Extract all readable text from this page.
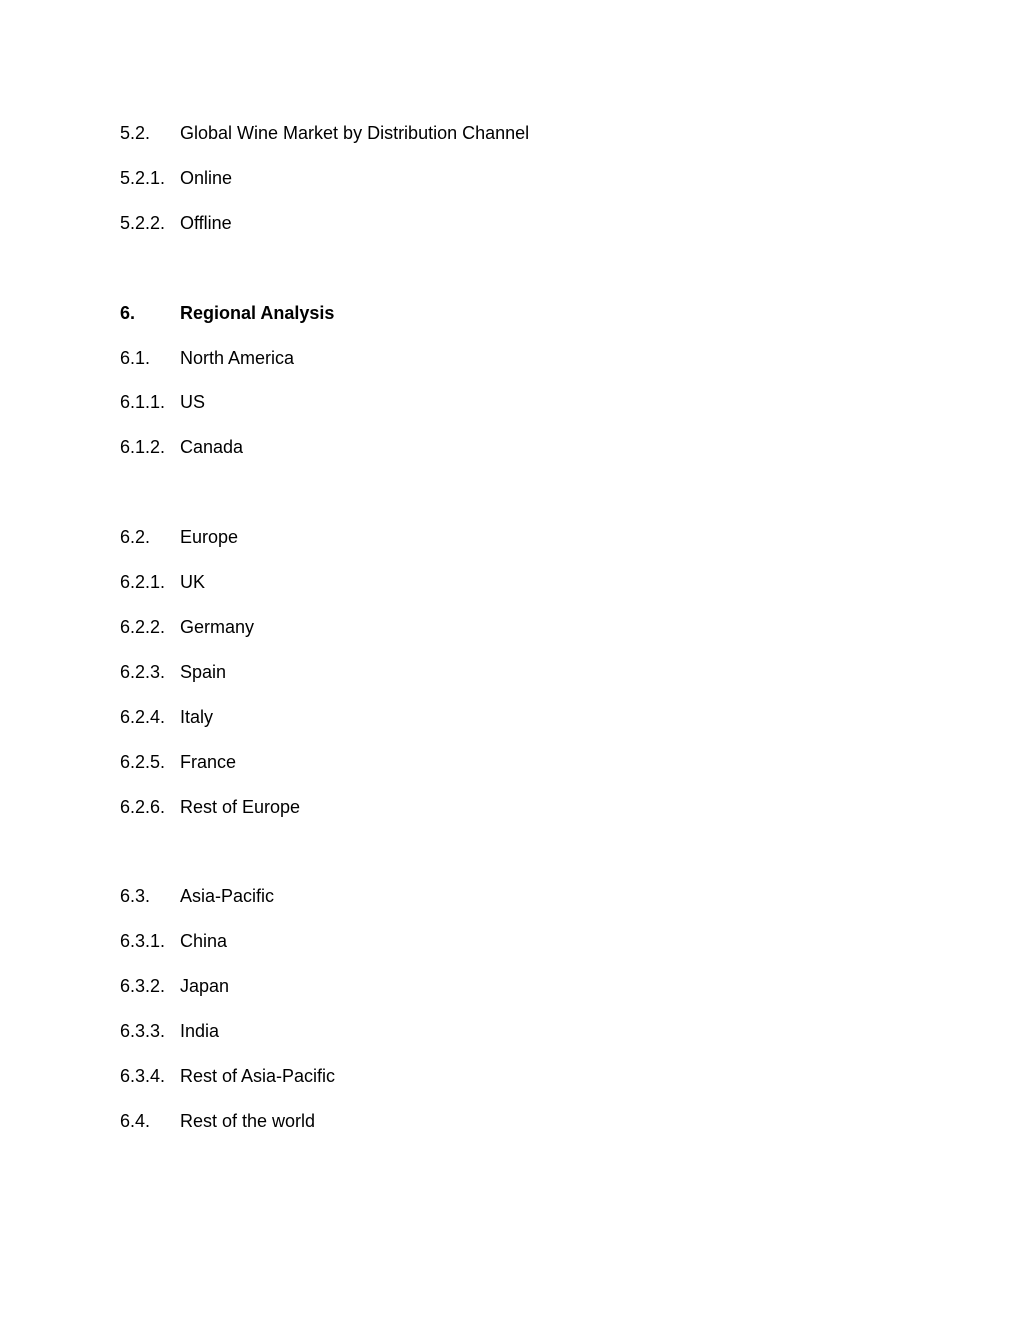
5.2. Global Wine Market by Distribution Channel
5.2.1. Online
5.2.2. Offline
6. Regional Analysis
6.1. North America
6.1.1. US
6.1.2. Canada
6.2. Europe
6.2.1. UK
6.2.2. Germany
6.2.3. Spain
6.2.4. Italy
6.2.5. France
6.2.6. Rest of Europe
6.3. Asia-Pacific
6.3.1. China
6.3.2. Japan
6.3.3. India
6.3.4. Rest of Asia-Pacific
6.4. Rest of the world
